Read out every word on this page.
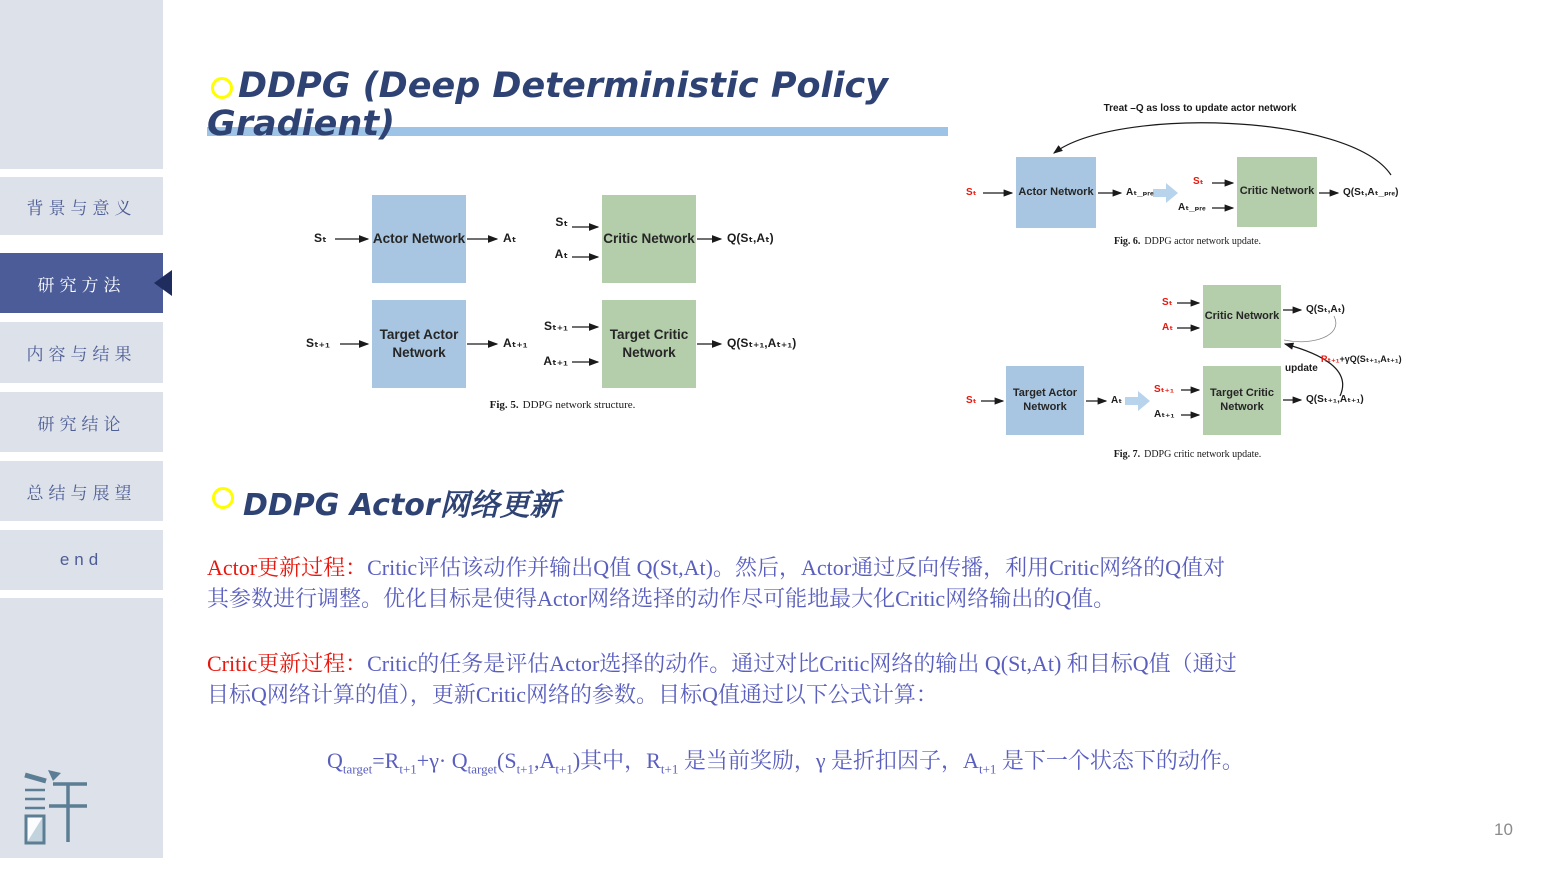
背景与意义
研究方法
内容与结果
研究结论
总结与展望
end
DDPG (Deep Deterministic Policy
Gradient)
Actor Network	Critic Network
Target Actor Network
Target Critic Network
Sₜ	Aₜ
Sₜ
Aₜ
Q(Sₜ,Aₜ)
Sₜ₊₁	Aₜ₊₁
Sₜ₊₁
Aₜ₊₁
Q(Sₜ₊₁,Aₜ₊₁)
Fig. 5. DDPG network structure.
Treat –Q as loss to update actor network
Actor Network	Critic Network
Sₜ	Aₜ_ₚᵣₑ
Sₜ
Aₜ_ₚᵣₑ
Q(Sₜ,Aₜ_ₚᵣₑ)
Fig. 6. DDPG actor network update.
Critic Network
Target Actor Network
Target Critic Network
Sₜ
Aₜ
Q(Sₜ,Aₜ)
Sₜ	Aₜ
Sₜ₊₁
Aₜ₊₁
Q(Sₜ₊₁,Aₜ₊₁)
update
Rₜ₊₁+γQ(Sₜ₊₁,Aₜ₊₁)
Fig. 7. DDPG critic network update.
DDPG Actor网络更新
Actor更新过程：Critic评估该动作并输出Q值 Q(St,At)。然后，Actor通过反向传播，利用Critic网络的Q值对
其参数进行调整。优化目标是使得Actor网络选择的动作尽可能地最大化Critic网络输出的Q值。
Critic更新过程：Critic的任务是评估Actor选择的动作。通过对比Critic网络的输出 Q(St,At) 和目标Q值（通过
目标Q网络计算的值），更新Critic网络的参数。目标Q值通过以下公式计算：
$Q_{target}=R_{t+1}+\gamma\cdot Q_{target}(S_{t+1},A_{t+1})$其中，$R_{t+1}$ 是当前奖励，γ 是折扣因子，$A_{t+1}$ 是下一个状态下的动作。
10
